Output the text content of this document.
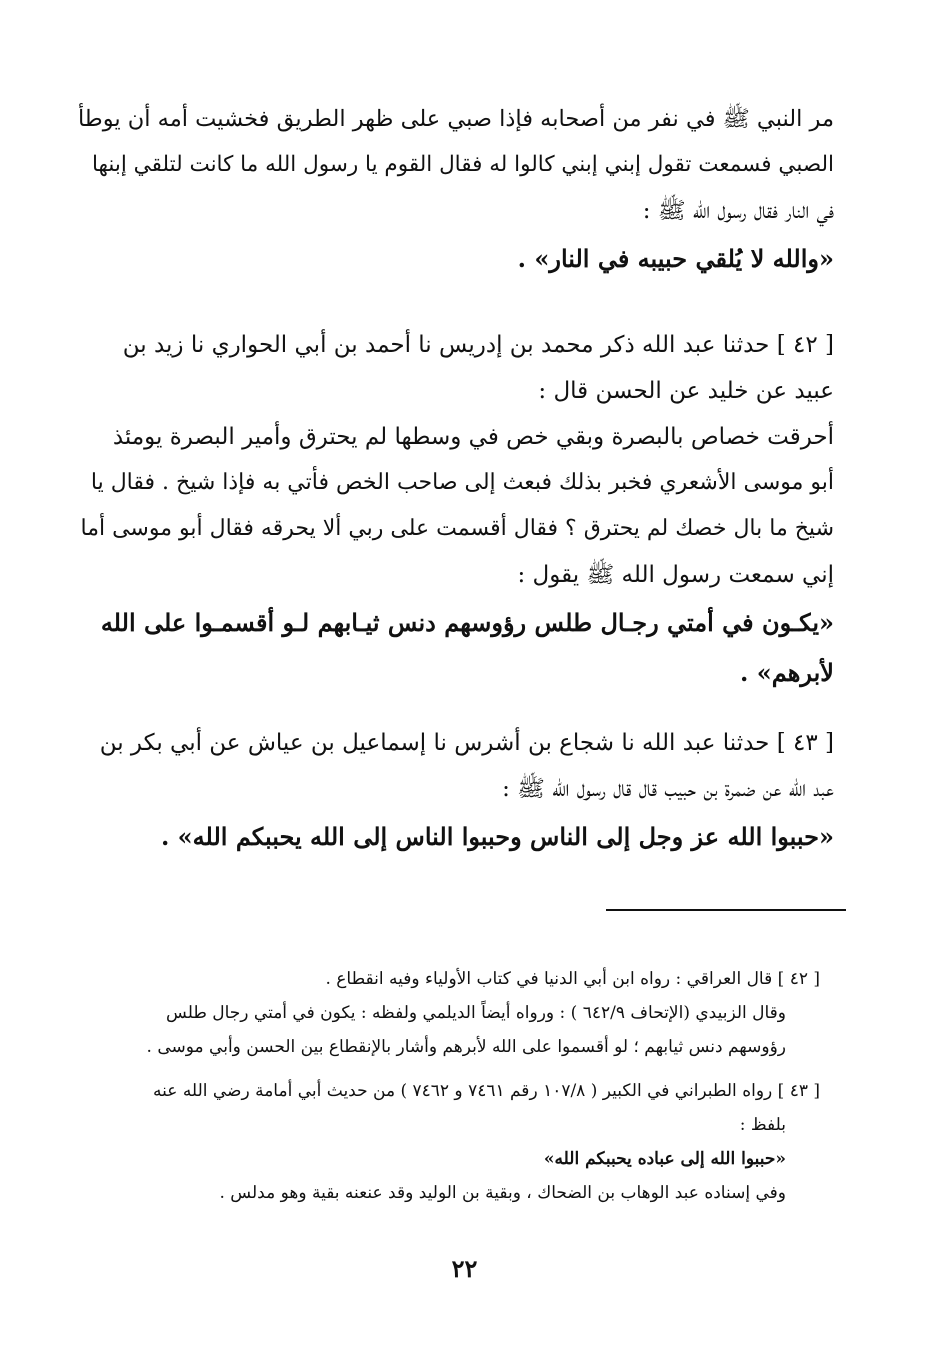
مر النبي ﷺ في نفر من أصحابه فإذا صبي على ظهر الطريق فخشيت أمه أن يوطأ

الصبي فسمعت تقول إبني إبني كالوا له فقال القوم يا رسول الله ما كانت لتلقي إبنها

في النار فقال رسول الله ﷺ :

«والله لا يُلقي حبيبه في النار» .

[ ٤٢ ] حدثنا عبد الله ذكر محمد بن إدريس نا أحمد بن أبي الحواري نا زيد بن

عبيد عن خليد عن الحسن قال :

أحرقت خصاص بالبصرة وبقي خص في وسطها لم يحترق وأمير البصرة يومئذ

أبو موسى الأشعري فخبر بذلك فبعث إلى صاحب الخص فأتي به فإذا شيخ . فقال يا

شيخ ما بال خصك لم يحترق ؟ فقال أقسمت على ربي ألا يحرقه فقال أبو موسى أما

إني سمعت رسول الله ﷺ يقول :

«يكـون في أمتي رجـال طلس رؤوسهم دنس ثيـابهم لـو أقسمـوا على الله

لأبرهم» .

[ ٤٣ ] حدثنا عبد الله نا شجاع بن أشرس نا إسماعيل بن عياش عن أبي بكر بن

عبد الله عن ضمرة بن حبيب قال قال رسول الله ﷺ :

«حببوا الله عز وجل إلى الناس وحببوا الناس إلى الله يحببكم الله» .

[ ٤٢ ] قال العراقي : رواه ابن أبي الدنيا في كتاب الأولياء وفيه انقطاع .

وقال الزبيدي (الإتحاف ٦٤٢/٩ ) : ورواه أيضاً الديلمي ولفظه : يكون في أمتي رجال طلس

رؤوسهم دنس ثيابهم ؛ لو أقسموا على الله لأبرهم وأشار بالإنقطاع بين الحسن وأبي موسى .

[ ٤٣ ] رواه الطبراني في الكبير ( ١٠٧/٨ رقم ٧٤٦١ و ٧٤٦٢ ) من حديث أبي أمامة رضي الله عنه

بلفظ :

«حببوا الله إلى عباده يحببكم الله»

وفي إسناده عبد الوهاب بن الضحاك ، وبقية بن الوليد وقد عنعنه بقية وهو مدلس .

٢٢
